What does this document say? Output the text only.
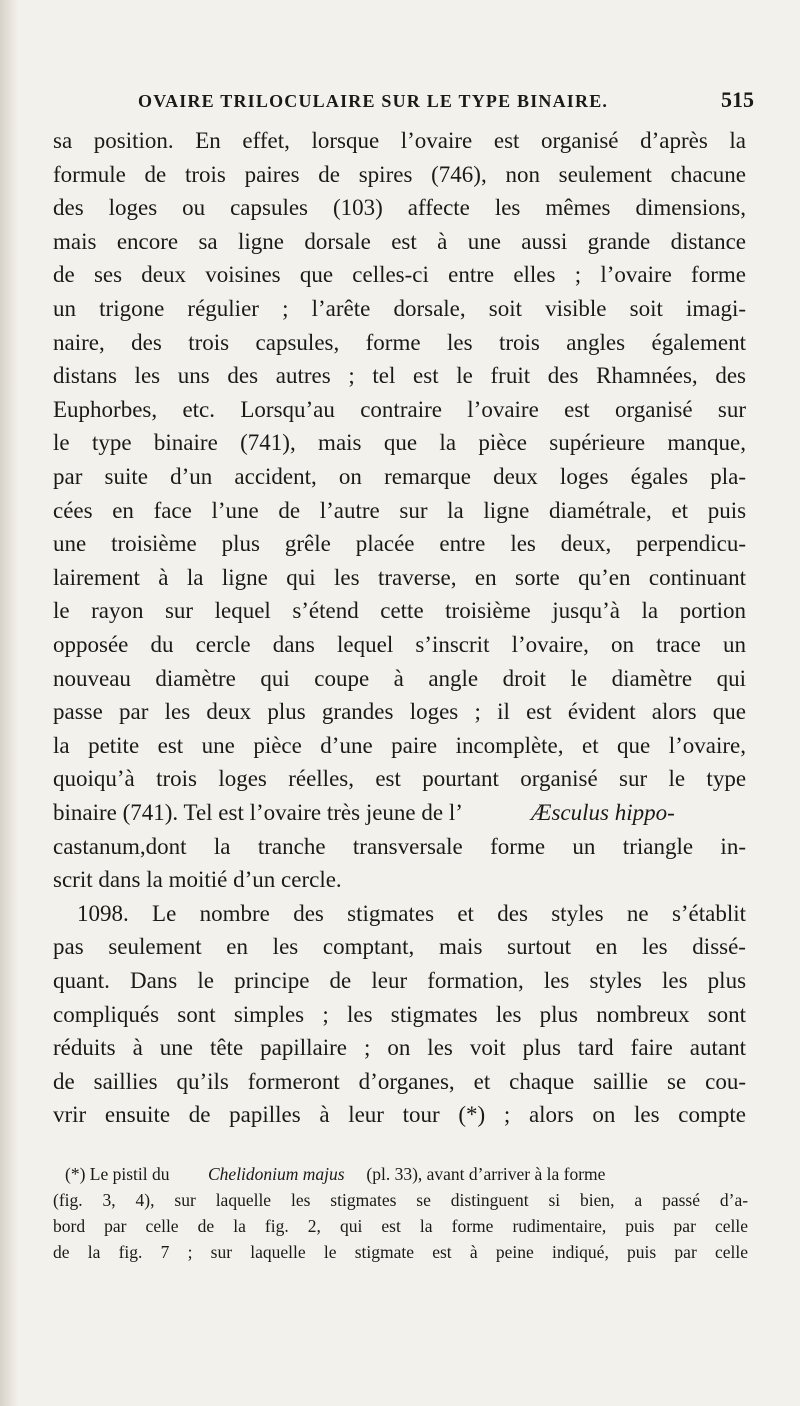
OVAIRE TRILOCULAIRE SUR LE TYPE BINAIRE.	515
sa position. En effet, lorsque l’ovaire est organisé d’après la
formule de trois paires de spires (746), non seulement chacune
des loges ou capsules (103) affecte les mêmes dimensions,
mais encore sa ligne dorsale est à une aussi grande distance
de ses deux voisines que celles-ci entre elles ; l’ovaire forme
un trigone régulier ; l’arête dorsale, soit visible soit imagi-
naire, des trois capsules, forme les trois angles également
distans les uns des autres ; tel est le fruit des Rhamnées, des
Euphorbes, etc. Lorsqu’au contraire l’ovaire est organisé sur
le type binaire (741), mais que la pièce supérieure manque,
par suite d’un accident, on remarque deux loges égales pla-
cées en face l’une de l’autre sur la ligne diamétrale, et puis
une troisième plus grêle placée entre les deux, perpendicu-
lairement à la ligne qui les traverse, en sorte qu’en continuant
le rayon sur lequel s’étend cette troisième jusqu’à la portion
opposée du cercle dans lequel s’inscrit l’ovaire, on trace un
nouveau diamètre qui coupe à angle droit le diamètre qui
passe par les deux plus grandes loges ; il est évident alors que
la petite est une pièce d’une paire incomplète, et que l’ovaire,
quoiqu’à trois loges réelles, est pourtant organisé sur le type

binaire (741). Tel est l’ovaire très jeune de l’

	Æsculus hippo-

castanum,dont la tranche transversale forme un triangle in-
scrit dans la moitié d’un cercle.
1098. Le nombre des stigmates et des styles ne s’établit
pas seulement en les comptant, mais surtout en les dissé-
quant. Dans le principe de leur formation, les styles les plus
compliqués sont simples ; les stigmates les plus nombreux sont
réduits à une tête papillaire ; on les voit plus tard faire autant
de saillies qu’ils formeront d’organes, et chaque saillie se cou-
vrir ensuite de papilles à leur tour (*) ; alors on les compte

(*) Le pistil du

Chelidonium majus

(pl. 33), avant d’arriver à la forme

(fig. 3, 4), sur laquelle les stigmates se distinguent si bien, a passé d’a-
bord par celle de la fig. 2, qui est la forme rudimentaire, puis par celle
de la fig. 7 ; sur laquelle le stigmate est à peine indiqué, puis par celle
